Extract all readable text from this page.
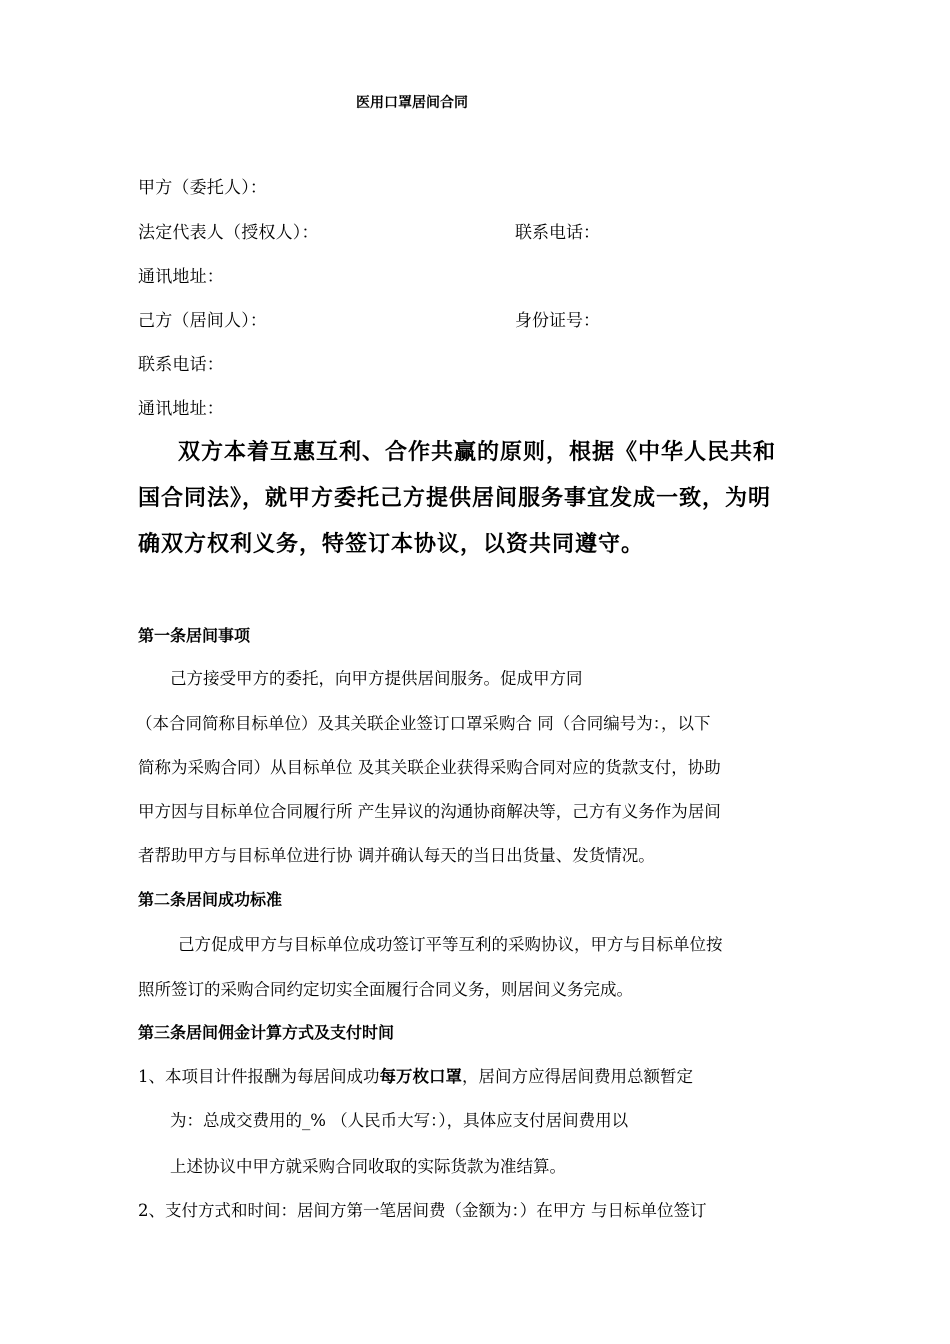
医用口罩居间合同
甲方（委托人）：
法定代表人（授权人）：	联系电话：
通讯地址：
己方（居间人）：	身份证号：
联系电话：
通讯地址：
双方本着互惠互利、合作共赢的原则，根据《中华人民共和
国合同法》，就甲方委托己方提供居间服务事宜发成一致，为明
确双方权利义务，特签订本协议，以资共同遵守。
第一条居间事项
己方接受甲方的委托，向甲方提供居间服务。促成甲方同
（本合同简称目标单位）及其关联企业签订口罩采购合 同（合同编号为：，以下
简称为采购合同）从目标单位 及其关联企业获得采购合同对应的货款支付，协助
甲方因与目标单位合同履行所 产生异议的沟通协商解决等，己方有义务作为居间
者帮助甲方与目标单位进行协 调并确认每天的当日出货量、发货情况。
第二条居间成功标准
己方促成甲方与目标单位成功签订平等互利的采购协议，甲方与目标单位按
照所签订的采购合同约定切实全面履行合同义务，则居间义务完成。
第三条居间佣金计算方式及支付时间
1、本项目计件报酬为每居间成功每万枚口罩，居间方应得居间费用总额暂定
为：总成交费用的_% （人民币大写：），具体应支付居间费用以
上述协议中甲方就采购合同收取的实际货款为准结算。
2、支付方式和时间：居间方第一笔居间费（金额为：）在甲方 与日标单位签订
